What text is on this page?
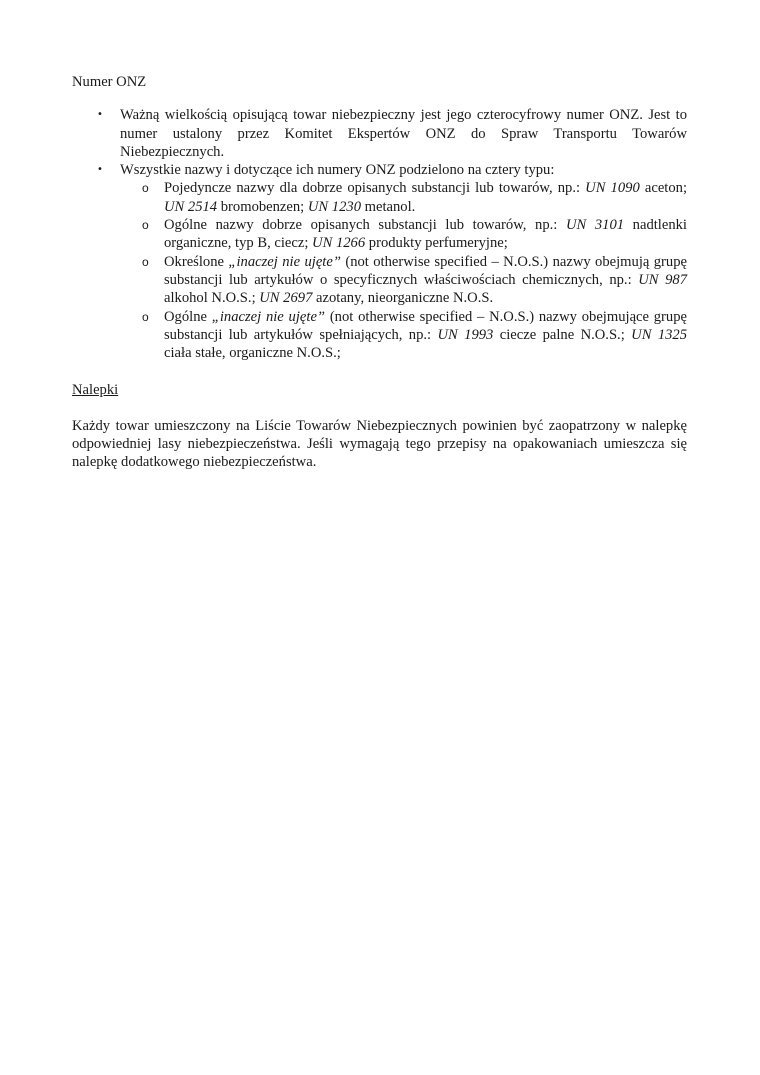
Numer ONZ

•	Ważną wielkością opisującą towar niebezpieczny jest jego czterocyfrowy numer ONZ. Jest to numer ustalony przez Komitet Ekspertów ONZ do Spraw Transportu Towarów Niebezpiecznych.
•	Wszystkie nazwy i dotyczące ich numery ONZ podzielono na cztery typu:
o Pojedyncze nazwy dla dobrze opisanych substancji lub towarów, np.: UN 1090 aceton; UN 2514 bromobenzen; UN 1230 metanol.
o Ogólne nazwy dobrze opisanych substancji lub towarów, np.: UN 3101 nadtlenki organiczne, typ B, ciecz; UN 1266 produkty perfumeryjne;
o Określone „inaczej nie ujęte” (not otherwise specified – N.O.S.) nazwy obejmują grupę substancji lub artykułów o specyficznych właściwościach chemicznych, np.: UN 987 alkohol N.O.S.; UN 2697 azotany, nieorganiczne N.O.S.
o Ogólne „inaczej nie ujęte” (not otherwise specified – N.O.S.) nazwy obejmujące grupę substancji lub artykułów spełniających, np.: UN 1993 ciecze palne N.O.S.; UN 1325 ciała stałe, organiczne N.O.S.;

Nalepki

Każdy towar umieszczony na Liście Towarów Niebezpiecznych powinien być zaopatrzony w nalepkę odpowiedniej lasy niebezpieczeństwa. Jeśli wymagają tego przepisy na opakowaniach umieszcza się nalepkę dodatkowego niebezpieczeństwa.
